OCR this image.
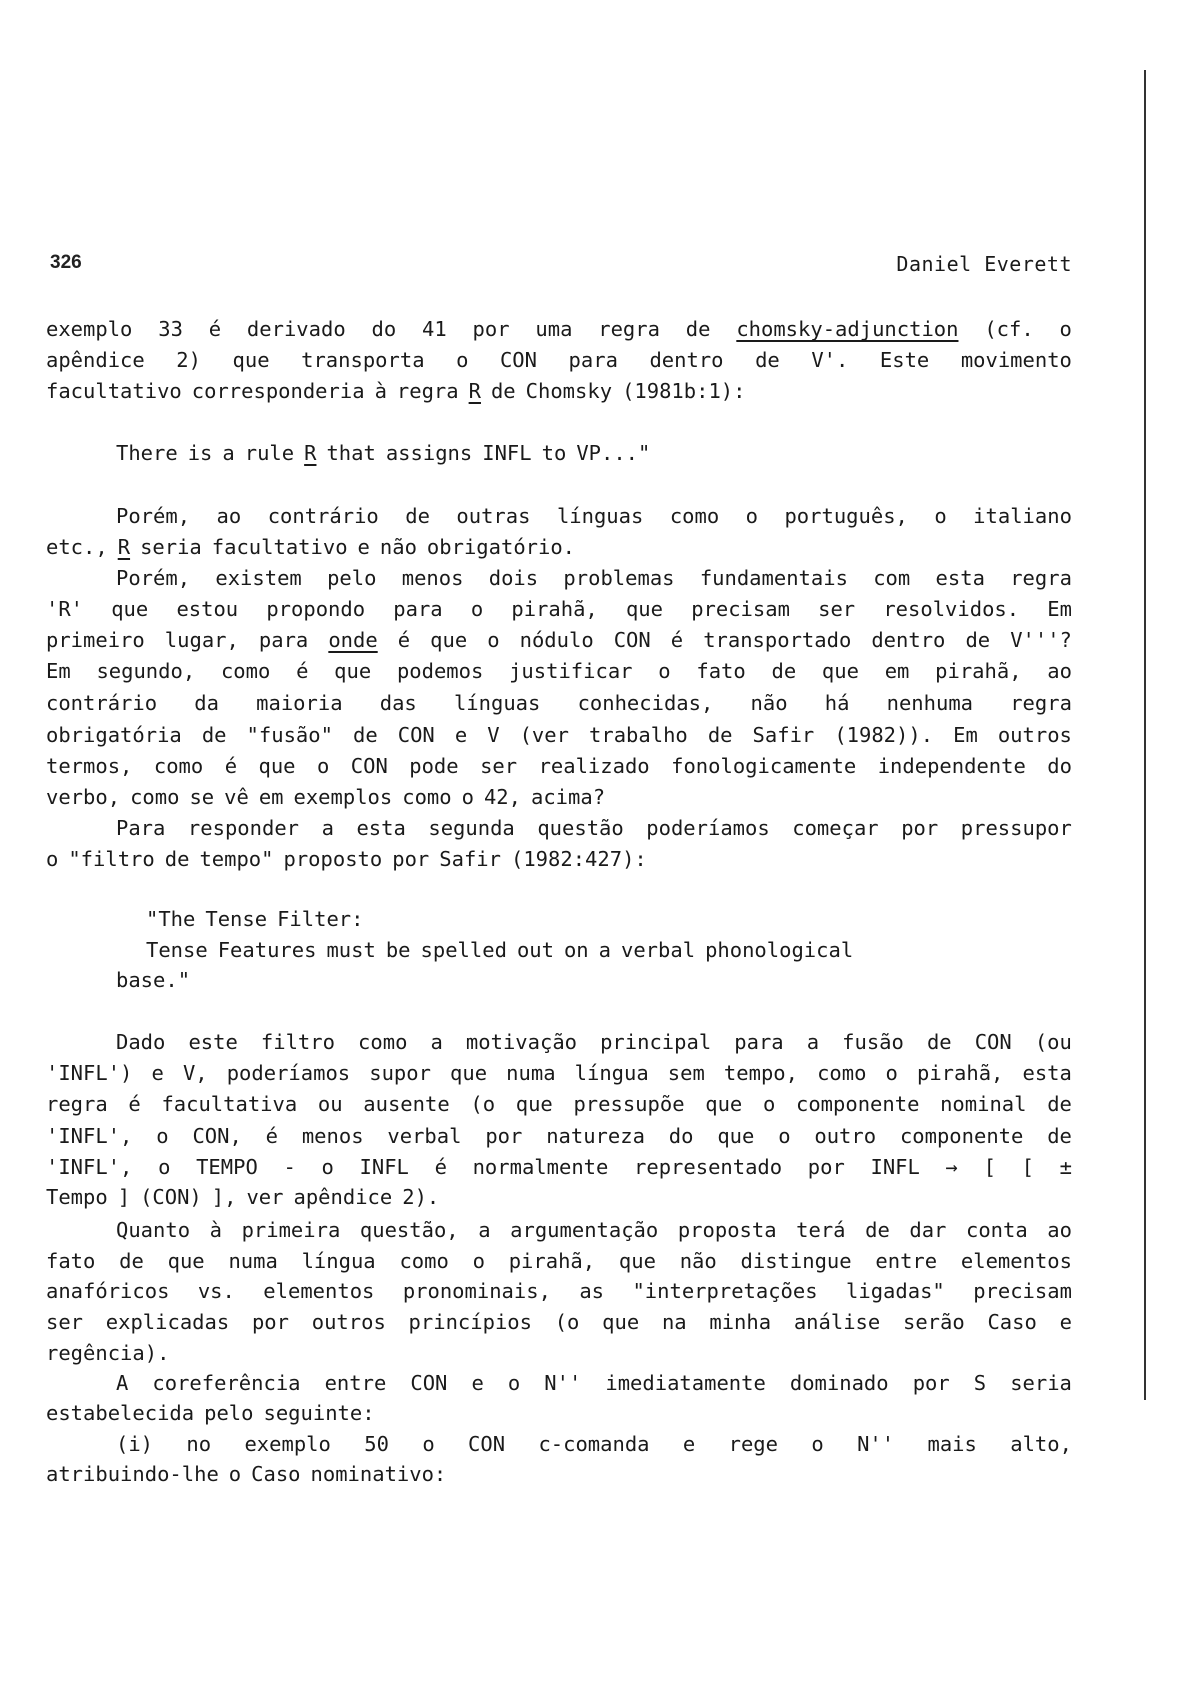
326	Daniel Everett
exemplo 33 é derivado do 41 por uma regra de chomsky-adjunction (cf. o
apêndice 2) que transporta o CON para dentro de V'. Este movimento
facultativo corresponderia à regra R de Chomsky (1981b:1):
There is a rule R that assigns INFL to VP..."
Porém, ao contrário de outras línguas como o português, o italiano
etc., R seria facultativo e não obrigatório.
Porém, existem pelo menos dois problemas fundamentais com esta regra
'R' que estou propondo para o pirahã, que precisam ser resolvidos. Em
primeiro lugar, para onde é que o nódulo CON é transportado dentro de V'''?
Em segundo, como é que podemos justificar o fato de que em pirahã, ao
contrário da maioria das línguas conhecidas, não há nenhuma regra
obrigatória de "fusão" de CON e V (ver trabalho de Safir (1982)). Em outros
termos, como é que o CON pode ser realizado fonologicamente independente do
verbo, como se vê em exemplos como o 42, acima?
Para responder a esta segunda questão poderíamos começar por pressupor
o "filtro de tempo" proposto por Safir (1982:427):
"The Tense Filter:
Tense Features must be spelled out on a verbal phonological
base."
Dado este filtro como a motivação principal para a fusão de CON (ou
'INFL') e V, poderíamos supor que numa língua sem tempo, como o pirahã, esta
regra é facultativa ou ausente (o que pressupõe que o componente nominal de
'INFL', o CON, é menos verbal por natureza do que o outro componente de
'INFL', o TEMPO - o INFL é normalmente representado por INFL → [ [ ±
Tempo ] (CON) ], ver apêndice 2).
Quanto à primeira questão, a argumentação proposta terá de dar conta ao
fato de que numa língua como o pirahã, que não distingue entre elementos
anafóricos vs. elementos pronominais, as "interpretações ligadas" precisam
ser explicadas por outros princípios (o que na minha análise serão Caso e
regência).
A coreferência entre CON e o N'' imediatamente dominado por S seria
estabelecida pelo seguinte:
(i) no exemplo 50 o CON c-comanda e rege o N'' mais alto,
atribuindo-lhe o Caso nominativo:
